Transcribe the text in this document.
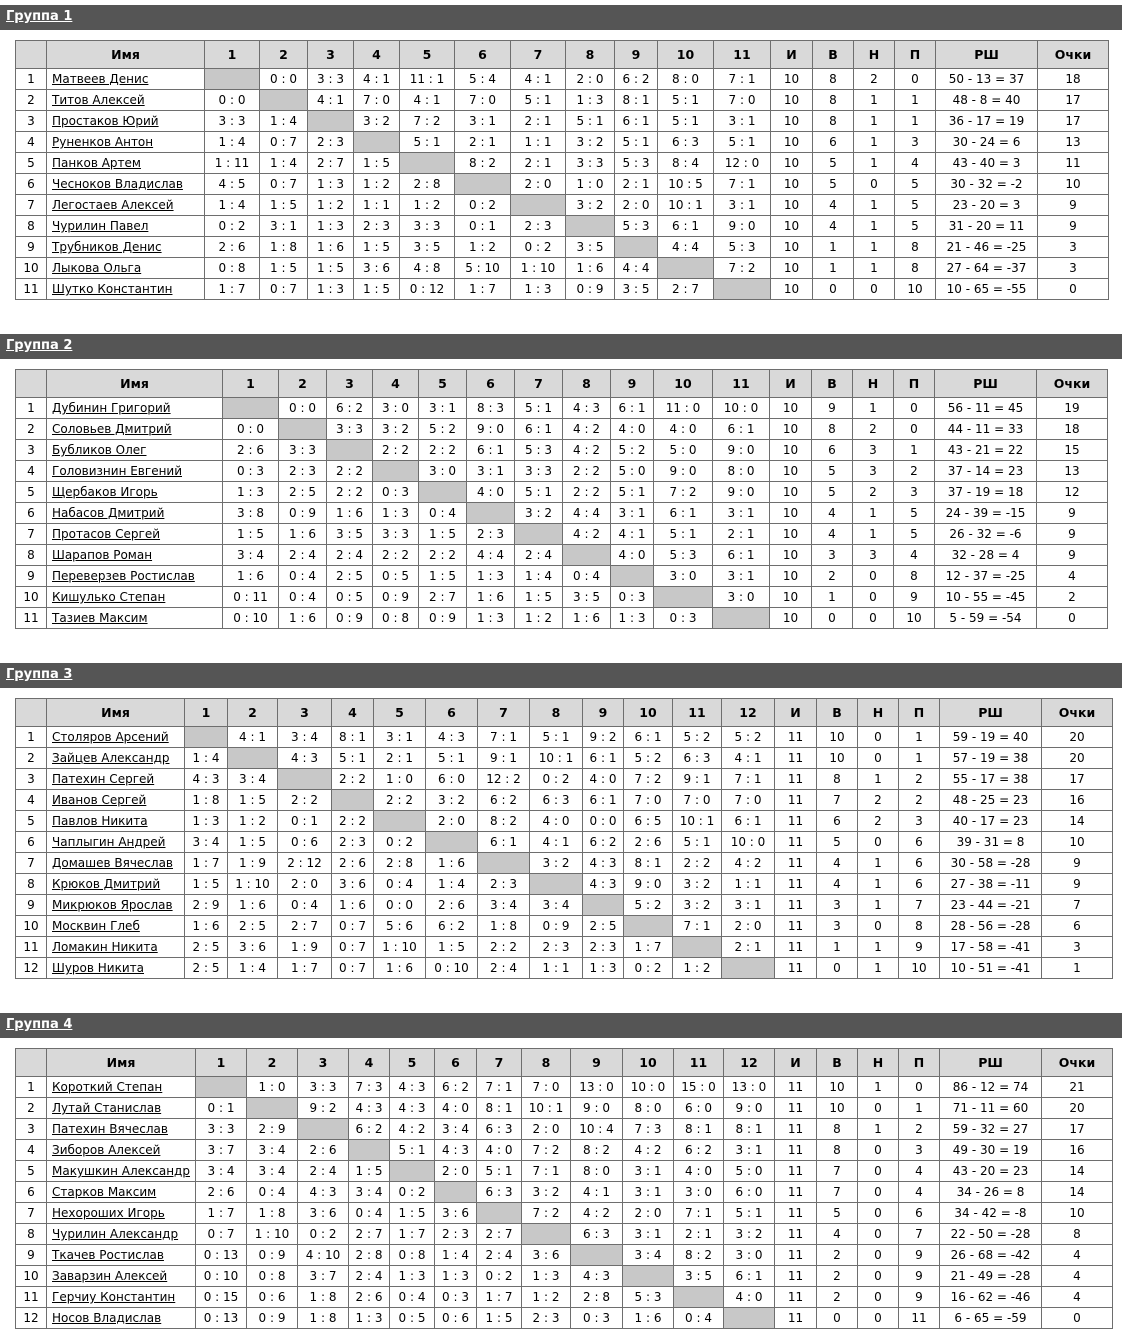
Группа 1
	Имя	1	2	3	4	5	6	7	8	9	10	11	И	В	Н	П	РШ	Очки
1	Матвеев Денис		0 : 0	3 : 3	4 : 1	11 : 1	5 : 4	4 : 1	2 : 0	6 : 2	8 : 0	7 : 1	10	8	2	0	50 - 13 = 37	18
2	Титов Алексей	0 : 0		4 : 1	7 : 0	4 : 1	7 : 0	5 : 1	1 : 3	8 : 1	5 : 1	7 : 0	10	8	1	1	48 - 8 = 40	17
3	Простаков Юрий	3 : 3	1 : 4		3 : 2	7 : 2	3 : 1	2 : 1	5 : 1	6 : 1	5 : 1	3 : 1	10	8	1	1	36 - 17 = 19	17
4	Руненков Антон	1 : 4	0 : 7	2 : 3		5 : 1	2 : 1	1 : 1	3 : 2	5 : 1	6 : 3	5 : 1	10	6	1	3	30 - 24 = 6	13
5	Панков Артем	1 : 11	1 : 4	2 : 7	1 : 5		8 : 2	2 : 1	3 : 3	5 : 3	8 : 4	12 : 0	10	5	1	4	43 - 40 = 3	11
6	Чесноков Владислав	4 : 5	0 : 7	1 : 3	1 : 2	2 : 8		2 : 0	1 : 0	2 : 1	10 : 5	7 : 1	10	5	0	5	30 - 32 = -2	10
7	Легостаев Алексей	1 : 4	1 : 5	1 : 2	1 : 1	1 : 2	0 : 2		3 : 2	2 : 0	10 : 1	3 : 1	10	4	1	5	23 - 20 = 3	9
8	Чурилин Павел	0 : 2	3 : 1	1 : 3	2 : 3	3 : 3	0 : 1	2 : 3		5 : 3	6 : 1	9 : 0	10	4	1	5	31 - 20 = 11	9
9	Трубников Денис	2 : 6	1 : 8	1 : 6	1 : 5	3 : 5	1 : 2	0 : 2	3 : 5		4 : 4	5 : 3	10	1	1	8	21 - 46 = -25	3
10	Лыкова Ольга	0 : 8	1 : 5	1 : 5	3 : 6	4 : 8	5 : 10	1 : 10	1 : 6	4 : 4		7 : 2	10	1	1	8	27 - 64 = -37	3
11	Шутко Константин	1 : 7	0 : 7	1 : 3	1 : 5	0 : 12	1 : 7	1 : 3	0 : 9	3 : 5	2 : 7		10	0	0	10	10 - 65 = -55	0
Группа 2
	Имя	1	2	3	4	5	6	7	8	9	10	11	И	В	Н	П	РШ	Очки
1	Дубинин Григорий		0 : 0	6 : 2	3 : 0	3 : 1	8 : 3	5 : 1	4 : 3	6 : 1	11 : 0	10 : 0	10	9	1	0	56 - 11 = 45	19
2	Соловьев Дмитрий	0 : 0		3 : 3	3 : 2	5 : 2	9 : 0	6 : 1	4 : 2	4 : 0	4 : 0	6 : 1	10	8	2	0	44 - 11 = 33	18
3	Бубликов Олег	2 : 6	3 : 3		2 : 2	2 : 2	6 : 1	5 : 3	4 : 2	5 : 2	5 : 0	9 : 0	10	6	3	1	43 - 21 = 22	15
4	Головизнин Евгений	0 : 3	2 : 3	2 : 2		3 : 0	3 : 1	3 : 3	2 : 2	5 : 0	9 : 0	8 : 0	10	5	3	2	37 - 14 = 23	13
5	Щербаков Игорь	1 : 3	2 : 5	2 : 2	0 : 3		4 : 0	5 : 1	2 : 2	5 : 1	7 : 2	9 : 0	10	5	2	3	37 - 19 = 18	12
6	Набасов Дмитрий	3 : 8	0 : 9	1 : 6	1 : 3	0 : 4		3 : 2	4 : 4	3 : 1	6 : 1	3 : 1	10	4	1	5	24 - 39 = -15	9
7	Протасов Сергей	1 : 5	1 : 6	3 : 5	3 : 3	1 : 5	2 : 3		4 : 2	4 : 1	5 : 1	2 : 1	10	4	1	5	26 - 32 = -6	9
8	Шарапов Роман	3 : 4	2 : 4	2 : 4	2 : 2	2 : 2	4 : 4	2 : 4		4 : 0	5 : 3	6 : 1	10	3	3	4	32 - 28 = 4	9
9	Переверзев Ростислав	1 : 6	0 : 4	2 : 5	0 : 5	1 : 5	1 : 3	1 : 4	0 : 4		3 : 0	3 : 1	10	2	0	8	12 - 37 = -25	4
10	Кишулько Степан	0 : 11	0 : 4	0 : 5	0 : 9	2 : 7	1 : 6	1 : 5	3 : 5	0 : 3		3 : 0	10	1	0	9	10 - 55 = -45	2
11	Тазиев Максим	0 : 10	1 : 6	0 : 9	0 : 8	0 : 9	1 : 3	1 : 2	1 : 6	1 : 3	0 : 3		10	0	0	10	5 - 59 = -54	0
Группа 3
	Имя	1	2	3	4	5	6	7	8	9	10	11	12	И	В	Н	П	РШ	Очки
1	Столяров Арсений		4 : 1	3 : 4	8 : 1	3 : 1	4 : 3	7 : 1	5 : 1	9 : 2	6 : 1	5 : 2	5 : 2	11	10	0	1	59 - 19 = 40	20
2	Зайцев Александр	1 : 4		4 : 3	5 : 1	2 : 1	5 : 1	9 : 1	10 : 1	6 : 1	5 : 2	6 : 3	4 : 1	11	10	0	1	57 - 19 = 38	20
3	Патехин Сергей	4 : 3	3 : 4		2 : 2	1 : 0	6 : 0	12 : 2	0 : 2	4 : 0	7 : 2	9 : 1	7 : 1	11	8	1	2	55 - 17 = 38	17
4	Иванов Сергей	1 : 8	1 : 5	2 : 2		2 : 2	3 : 2	6 : 2	6 : 3	6 : 1	7 : 0	7 : 0	7 : 0	11	7	2	2	48 - 25 = 23	16
5	Павлов Никита	1 : 3	1 : 2	0 : 1	2 : 2		2 : 0	8 : 2	4 : 0	0 : 0	6 : 5	10 : 1	6 : 1	11	6	2	3	40 - 17 = 23	14
6	Чаплыгин Андрей	3 : 4	1 : 5	0 : 6	2 : 3	0 : 2		6 : 1	4 : 1	6 : 2	2 : 6	5 : 1	10 : 0	11	5	0	6	39 - 31 = 8	10
7	Домашев Вячеслав	1 : 7	1 : 9	2 : 12	2 : 6	2 : 8	1 : 6		3 : 2	4 : 3	8 : 1	2 : 2	4 : 2	11	4	1	6	30 - 58 = -28	9
8	Крюков Дмитрий	1 : 5	1 : 10	2 : 0	3 : 6	0 : 4	1 : 4	2 : 3		4 : 3	9 : 0	3 : 2	1 : 1	11	4	1	6	27 - 38 = -11	9
9	Микрюков Ярослав	2 : 9	1 : 6	0 : 4	1 : 6	0 : 0	2 : 6	3 : 4	3 : 4		5 : 2	3 : 2	3 : 1	11	3	1	7	23 - 44 = -21	7
10	Москвин Глеб	1 : 6	2 : 5	2 : 7	0 : 7	5 : 6	6 : 2	1 : 8	0 : 9	2 : 5		7 : 1	2 : 0	11	3	0	8	28 - 56 = -28	6
11	Ломакин Никита	2 : 5	3 : 6	1 : 9	0 : 7	1 : 10	1 : 5	2 : 2	2 : 3	2 : 3	1 : 7		2 : 1	11	1	1	9	17 - 58 = -41	3
12	Шуров Никита	2 : 5	1 : 4	1 : 7	0 : 7	1 : 6	0 : 10	2 : 4	1 : 1	1 : 3	0 : 2	1 : 2		11	0	1	10	10 - 51 = -41	1
Группа 4
	Имя	1	2	3	4	5	6	7	8	9	10	11	12	И	В	Н	П	РШ	Очки
1	Короткий Степан		1 : 0	3 : 3	7 : 3	4 : 3	6 : 2	7 : 1	7 : 0	13 : 0	10 : 0	15 : 0	13 : 0	11	10	1	0	86 - 12 = 74	21
2	Лутай Станислав	0 : 1		9 : 2	4 : 3	4 : 3	4 : 0	8 : 1	10 : 1	9 : 0	8 : 0	6 : 0	9 : 0	11	10	0	1	71 - 11 = 60	20
3	Патехин Вячеслав	3 : 3	2 : 9		6 : 2	4 : 2	3 : 4	6 : 3	2 : 0	10 : 4	7 : 3	8 : 1	8 : 1	11	8	1	2	59 - 32 = 27	17
4	Зиборов Алексей	3 : 7	3 : 4	2 : 6		5 : 1	4 : 3	4 : 0	7 : 2	8 : 2	4 : 2	6 : 2	3 : 1	11	8	0	3	49 - 30 = 19	16
5	Макушкин Александр	3 : 4	3 : 4	2 : 4	1 : 5		2 : 0	5 : 1	7 : 1	8 : 0	3 : 1	4 : 0	5 : 0	11	7	0	4	43 - 20 = 23	14
6	Старков Максим	2 : 6	0 : 4	4 : 3	3 : 4	0 : 2		6 : 3	3 : 2	4 : 1	3 : 1	3 : 0	6 : 0	11	7	0	4	34 - 26 = 8	14
7	Нехороших Игорь	1 : 7	1 : 8	3 : 6	0 : 4	1 : 5	3 : 6		7 : 2	4 : 2	2 : 0	7 : 1	5 : 1	11	5	0	6	34 - 42 = -8	10
8	Чурилин Александр	0 : 7	1 : 10	0 : 2	2 : 7	1 : 7	2 : 3	2 : 7		6 : 3	3 : 1	2 : 1	3 : 2	11	4	0	7	22 - 50 = -28	8
9	Ткачев Ростислав	0 : 13	0 : 9	4 : 10	2 : 8	0 : 8	1 : 4	2 : 4	3 : 6		3 : 4	8 : 2	3 : 0	11	2	0	9	26 - 68 = -42	4
10	Заварзин Алексей	0 : 10	0 : 8	3 : 7	2 : 4	1 : 3	1 : 3	0 : 2	1 : 3	4 : 3		3 : 5	6 : 1	11	2	0	9	21 - 49 = -28	4
11	Герчиу Константин	0 : 15	0 : 6	1 : 8	2 : 6	0 : 4	0 : 3	1 : 7	1 : 2	2 : 8	5 : 3		4 : 0	11	2	0	9	16 - 62 = -46	4
12	Носов Владислав	0 : 13	0 : 9	1 : 8	1 : 3	0 : 5	0 : 6	1 : 5	2 : 3	0 : 3	1 : 6	0 : 4		11	0	0	11	6 - 65 = -59	0
